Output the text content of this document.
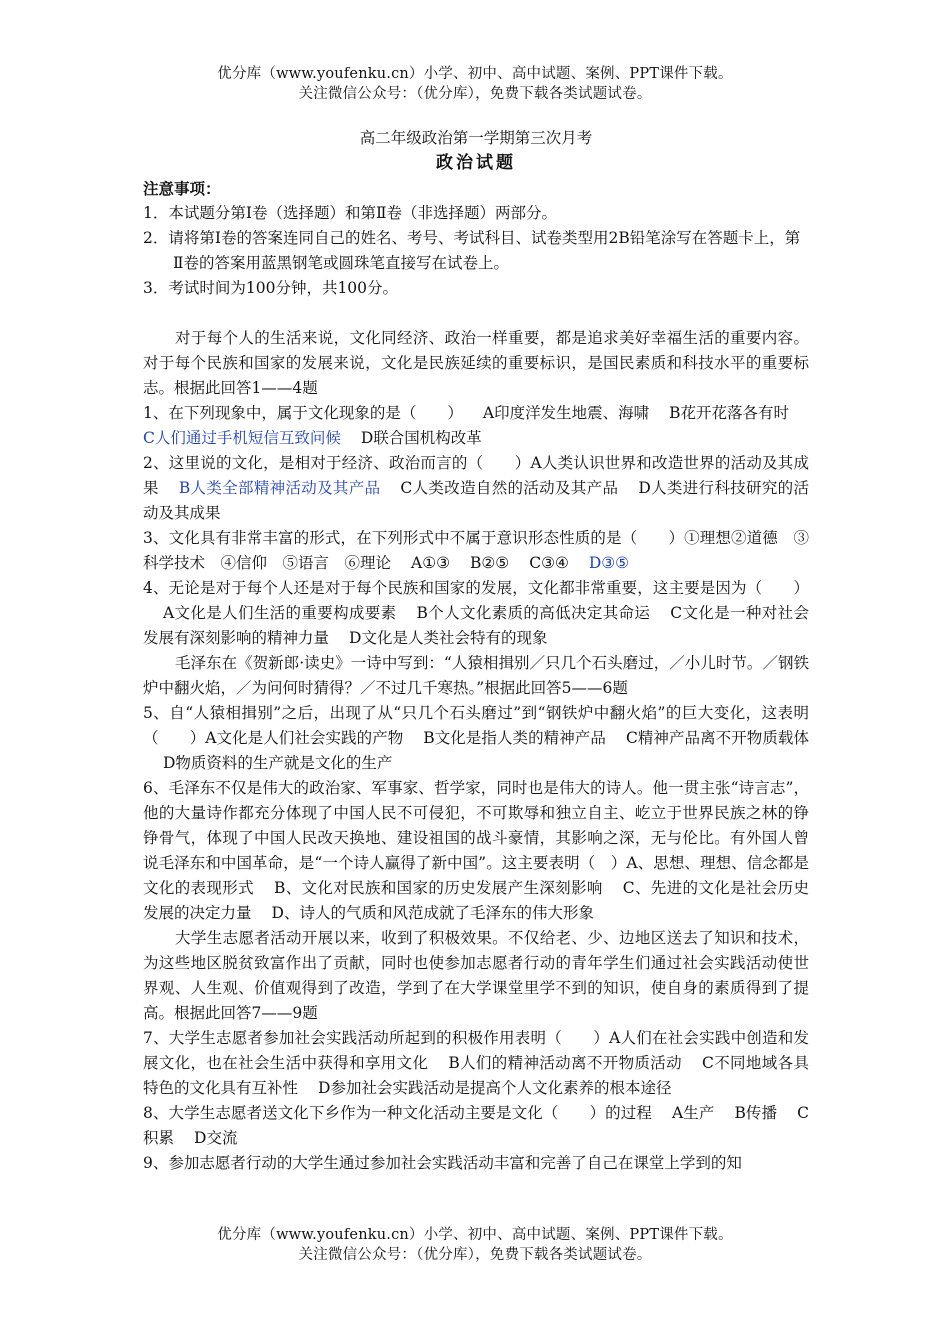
优分库（www.youfenku.cn）小学、初中、高中试题、案例、PPT课件下载。
关注微信公众号：（优分库），免费下载各类试题试卷。
高二年级政治第一学期第三次月考
政治试题
注意事项：
1．本试题分第Ⅰ卷（选择题）和第Ⅱ卷（非选择题）两部分。
2．请将第Ⅰ卷的答案连同自己的姓名、考号、考试科目、试卷类型用2B铅笔涂写在答题卡上，第Ⅱ卷的答案用蓝黑钢笔或圆珠笔直接写在试卷上。
3．考试时间为100分钟，共100分。
对于每个人的生活来说，文化同经济、政治一样重要，都是追求美好幸福生活的重要内容。对于每个民族和国家的发展来说，文化是民族延续的重要标识，是国民素质和科技水平的重要标志。根据此回答1——4题
1、在下列现象中，属于文化现象的是（　　） A印度洋发生地震、海啸 B花开花落各有时C人们通过手机短信互致问候 D联合国机构改革
2、这里说的文化，是相对于经济、政治而言的（　　）A人类认识世界和改造世界的活动及其成果 B人类全部精神活动及其产品 C人类改造自然的活动及其产品 D人类进行科技研究的活动及其成果
3、文化具有非常丰富的形式，在下列形式中不属于意识形态性质的是（　　）①理想②道德　③科学技术　④信仰　⑤语言　⑥理论 A①③ B②⑤ C③④ D③⑤
4、无论是对于每个人还是对于每个民族和国家的发展，文化都非常重要，这主要是因为（　　）A文化是人们生活的重要构成要素 B个人文化素质的高低决定其命运 C文化是一种对社会发展有深刻影响的精神力量 D文化是人类社会特有的现象
毛泽东在《贺新郎·读史》一诗中写到：“人猿相揖别／只几个石头磨过，／小儿时节。／钢铁炉中翻火焰，／为问何时猜得？／不过几千寒热。”根据此回答5——6题
5、自“人猿相揖别”之后，出现了从“只几个石头磨过”到“钢铁炉中翻火焰”的巨大变化，这表明（　　）A文化是人们社会实践的产物 B文化是指人类的精神产品 C精神产品离不开物质载体D物质资料的生产就是文化的生产
6、毛泽东不仅是伟大的政治家、军事家、哲学家，同时也是伟大的诗人。他一贯主张“诗言志”，他的大量诗作都充分体现了中国人民不可侵犯，不可欺辱和独立自主、屹立于世界民族之林的铮铮骨气，体现了中国人民改天换地、建设祖国的战斗豪情，其影响之深，无与伦比。有外国人曾说毛泽东和中国革命，是“一个诗人赢得了新中国”。这主要表明（　）A、思想、理想、信念都是文化的表现形式 B、文化对民族和国家的历史发展产生深刻影响 C、先进的文化是社会历史发展的决定力量 D、诗人的气质和风范成就了毛泽东的伟大形象
大学生志愿者活动开展以来，收到了积极效果。不仅给老、少、边地区送去了知识和技术，为这些地区脱贫致富作出了贡献，同时也使参加志愿者行动的青年学生们通过社会实践活动使世界观、人生观、价值观得到了改造，学到了在大学课堂里学不到的知识，使自身的素质得到了提高。根据此回答7——9题
7、大学生志愿者参加社会实践活动所起到的积极作用表明（　　）A人们在社会实践中创造和发展文化，也在社会生活中获得和享用文化 B人们的精神活动离不开物质活动 C不同地域各具特色的文化具有互补性 D参加社会实践活动是提高个人文化素养的根本途径
8、大学生志愿者送文化下乡作为一种文化活动主要是文化（　　）的过程 A生产 B传播 C积累 D交流
9、参加志愿者行动的大学生通过参加社会实践活动丰富和完善了自己在课堂上学到的知
优分库（www.youfenku.cn）小学、初中、高中试题、案例、PPT课件下载。
关注微信公众号：（优分库），免费下载各类试题试卷。
